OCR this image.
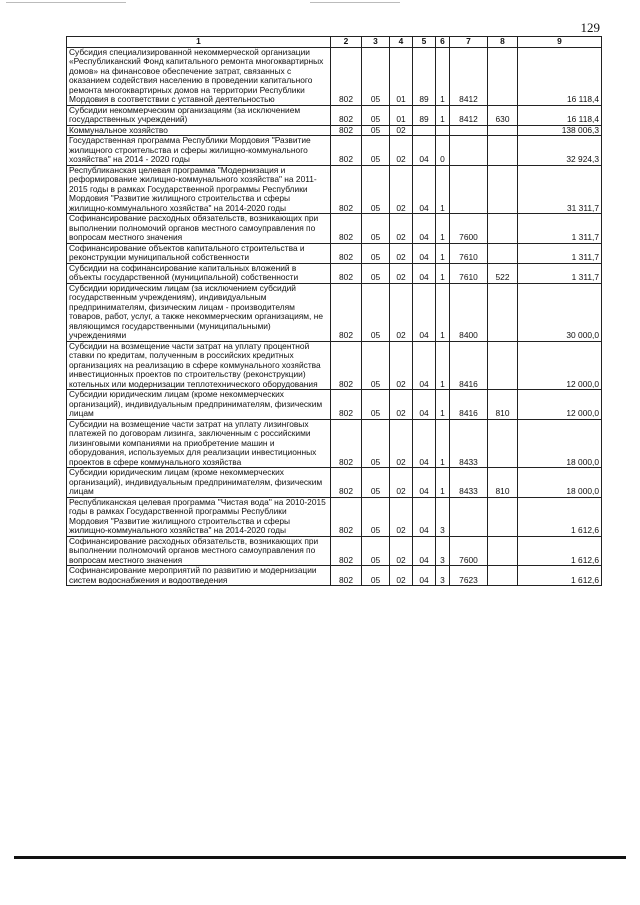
129
1	2	3	4	5	6	7	8	9
Субсидия специализированной некоммерческой организации «Республиканский Фонд капитального ремонта многоквартирных домов» на финансовое обеспечение затрат, связанных с оказанием содействия населению в проведении капитального ремонта многоквартирных домов на территории Республики Мордовия в соответствии с уставной деятельностью	802	05	01	89	1	8412		16 118,4
Субсидии некоммерческим организациям (за исключением государственных учреждений)	802	05	01	89	1	8412	630	16 118,4
Коммунальное хозяйство	802	05	02					138 006,3
Государственная программа Республики Мордовия "Развитие жилищного строительства и сферы жилищно-коммунального хозяйства" на 2014 - 2020 годы	802	05	02	04	0			32 924,3
Республиканская целевая программа "Модернизация и реформирование жилищно-коммунального хозяйства" на 2011-2015 годы в рамках Государственной программы Республики Мордовия "Развитие жилищного строительства и сферы жилищно-коммунального хозяйства" на 2014-2020 годы	802	05	02	04	1			31 311,7
Софинансирование расходных обязательств, возникающих при выполнении полномочий органов местного самоуправления по вопросам местного значения	802	05	02	04	1	7600		1 311,7
Софинансирование объектов капитального строительства и реконструкции муниципальной собственности	802	05	02	04	1	7610		1 311,7
Субсидии на софинансирование капитальных вложений в объекты государственной (муниципальной) собственности	802	05	02	04	1	7610	522	1 311,7
Субсидии юридическим лицам (за исключением субсидий государственным учреждениям), индивидуальным предпринимателям, физическим лицам - производителям товаров, работ, услуг, а также некоммерческим организациям, не являющимся государственными (муниципальными) учреждениями	802	05	02	04	1	8400		30 000,0
Субсидии на возмещение части затрат на уплату процентной ставки по кредитам, полученным в российских кредитных организациях на реализацию в сфере коммунального хозяйства инвестиционных проектов по строительству (реконструкции) котельных или модернизации теплотехнического оборудования	802	05	02	04	1	8416		12 000,0
Субсидии юридическим лицам (кроме некоммерческих организаций), индивидуальным предпринимателям, физическим лицам	802	05	02	04	1	8416	810	12 000,0
Субсидии на возмещение части затрат на уплату лизинговых платежей по договорам лизинга, заключенным с российскими лизинговыми компаниями на приобретение машин и оборудования, используемых для реализации инвестиционных проектов в сфере коммунального хозяйства	802	05	02	04	1	8433		18 000,0
Субсидии юридическим лицам (кроме некоммерческих организаций), индивидуальным предпринимателям, физическим лицам	802	05	02	04	1	8433	810	18 000,0
Республиканская целевая программа "Чистая вода" на 2010-2015 годы в рамках Государственной программы Республики Мордовия "Развитие жилищного строительства и сферы жилищно-коммунального хозяйства" на 2014-2020 годы	802	05	02	04	3			1 612,6
Софинансирование расходных обязательств, возникающих при выполнении полномочий органов местного самоуправления по вопросам местного значения	802	05	02	04	3	7600		1 612,6
Софинансирование мероприятий по развитию и модернизации систем водоснабжения и водоотведения	802	05	02	04	3	7623		1 612,6
